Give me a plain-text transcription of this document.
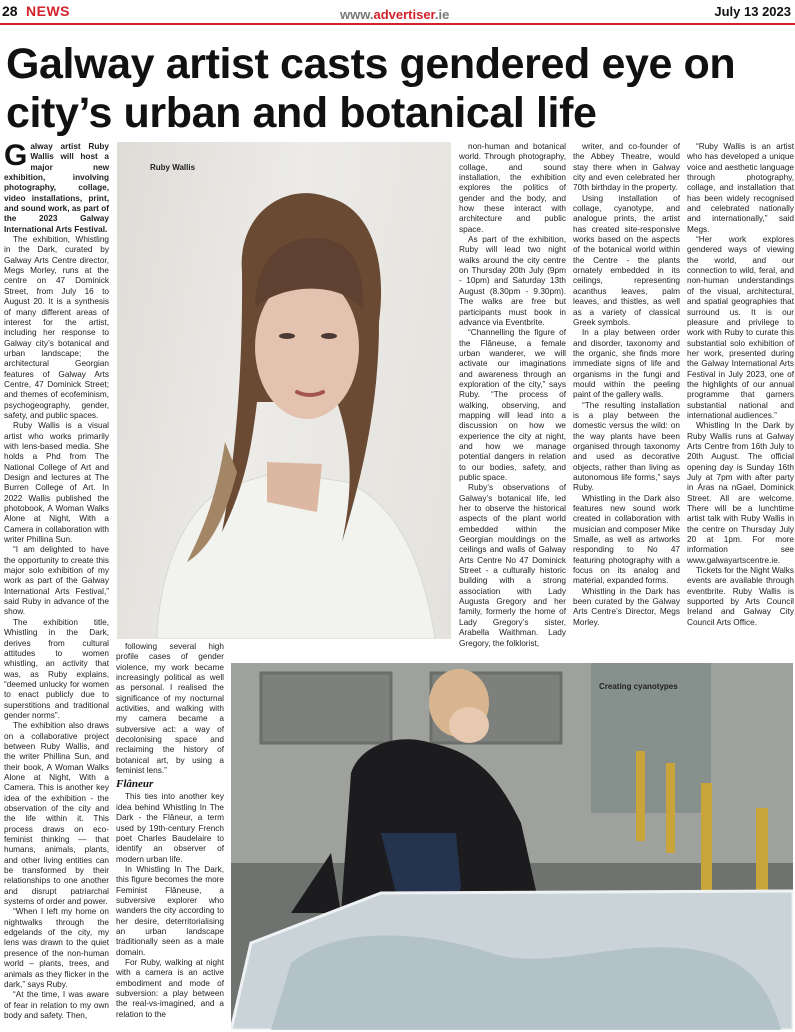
28 NEWS	www.advertiser.ie	July 13 2023
Galway artist casts gendered eye on city’s urban and botanical life

Galway artist Ruby Wallis will host a major new exhibition, involving photography, collage, video installations, print, and sound work, as part of the 2023 Galway International Arts Festival.

The exhibition, Whistling in the Dark, curated by Galway Arts Centre director, Megs Morley, runs at the centre on 47 Dominick Street, from July 16 to August 20. It is a synthesis of many different areas of interest for the artist, including her response to Galway city’s botanical and urban landscape; the architectural Georgian features of Galway Arts Centre, 47 Dominick Street; and themes of ecofeminism, psychogeography, gender, safety, and public spaces.

Ruby Wallis is a visual artist who works primarily with lens-based media. She holds a Phd from The National College of Art and Design and lectures at The Burren College of Art. In 2022 Wallis published the photobook, A Woman Walks Alone at Night, With a Camera in collaboration with writer Phillina Sun.

“I am delighted to have the opportunity to create this major solo exhibition of my work as part of the Galway International Arts Festival,” said Ruby in advance of the show.

The exhibition title, Whistling in the Dark, derives from cultural attitudes to women whistling, an activity that was, as Ruby explains, “deemed unlucky for women to enact publicly due to superstitions and traditional gender norms”.

The exhibition also draws on a collaborative project between Ruby Wallis, and the writer Phillina Sun, and their book, A Woman Walks Alone at Night, With a Camera. This is another key idea of the exhibition - the observation of the city and the life within it. This process draws on eco-feminist thinking — that humans, animals, plants, and other living entities can be transformed by their relationships to one another and disrupt patriarchal systems of order and power.

“When I left my home on nightwalks through the edgelands of the city, my lens was drawn to the quiet presence of the non-human world – plants, trees, and animals as they flicker in the dark,” says Ruby.

“At the time, I was aware of fear in relation to my own body and safety. Then,

Ruby Wallis

following several high profile cases of gender violence, my work became increasingly political as well as personal. I realised the significance of my nocturnal activities, and walking with my camera became a subversive act: a way of decolonising space and reclaiming the history of botanical art, by using a feminist lens.”

Flâneur

This ties into another key idea behind Whistling In The Dark - the Flâneur, a term used by 19th-century French poet Charles Baudelaire to identify an observer of modern urban life.

In Whistling In The Dark, this figure becomes the more Feminist Flâneuse, a subversive explorer who wanders the city according to her desire, deterritorialising an urban landscape traditionally seen as a male domain.

For Ruby, walking at night with a camera is an active embodiment and mode of subversion: a play between the real-vs-imagined, and a relation to the

non-human and botanical world. Through photography, collage, and sound installation, the exhibition explores the politics of gender and the body, and how these interact with architecture and public space.

As part of the exhibition, Ruby will lead two night walks around the city centre on Thursday 20th July (9pm - 10pm) and Saturday 13th August (8.30pm - 9.30pm). The walks are free but participants must book in advance via Eventbrite.

“Channelling the figure of the Flâneuse, a female urban wanderer, we will activate our imaginations and awareness through an exploration of the city,” says Ruby. “The process of walking, observing, and mapping will lead into a discussion on how we experience the city at night, and how we manage potential dangers in relation to our bodies, safety, and public space.

Ruby’s observations of Galway’s botanical life, led her to observe the historical aspects of the plant world embedded within the Georgian mouldings on the ceilings and walls of Galway Arts Centre No 47 Dominick Street - a culturally historic building with a strong association with Lady Augusta Gregory and her family, formerly the home of Lady Gregory’s sister, Arabella Waithman. Lady Gregory, the folklorist,

writer, and co-founder of the Abbey Theatre, would stay there when in Galway city and even celebrated her 70th birthday in the property.

Using installation of collage, cyanotype, and analogue prints, the artist has created site-responsive works based on the aspects of the botanical world within the Centre - the plants ornately embedded in its ceilings, representing acanthus leaves, palm leaves, and thistles, as well as a variety of classical Greek symbols.

In a play between order and disorder, taxonomy and the organic, she finds more immediate signs of life and organisms in the fungi and mould within the peeling paint of the gallery walls.

“The resulting installation is a play between the domestic versus the wild: on the way plants have been organised through taxonomy and used as decorative objects, rather than living as autonomous life forms,” says Ruby.

Whistling in the Dark also features new sound work created in collaboration with musician and composer Mike Smalle, as well as artworks responding to No 47 featuring photography with a focus on its analog and material, expanded forms.

Whistling in the Dark has been curated by the Galway Arts Centre’s Director, Megs Morley.

“Ruby Wallis is an artist who has developed a unique voice and aesthetic language through photography, collage, and installation that has been widely recognised and celebrated nationally and internationally,” said Megs.

“Her work explores gendered ways of viewing the world, and our connection to wild, feral, and non-human understandings of the visual, architectural, and spatial geographies that surround us. It is our pleasure and privilege to work with Ruby to curate this substantial solo exhibition of her work, presented during the Galway International Arts Festival in July 2023, one of the highlights of our annual programme that garners substantial national and international audiences.”

Whistling In the Dark by Ruby Wallis runs at Galway Arts Centre from 16th July to 20th August. The official opening day is Sunday 16th July at 7pm with after party in Áras na nGael, Dominick Street. All are welcome. There will be a lunchtime artist talk with Ruby Wallis in the centre on Thursday July 20 at 1pm. For more information see www.galwayartscentre.ie.

Tickets for the Night Walks events are available through eventbrite. Ruby Wallis is supported by Arts Council Ireland and Galway City Council Arts Office.

Creating cyanotypes
